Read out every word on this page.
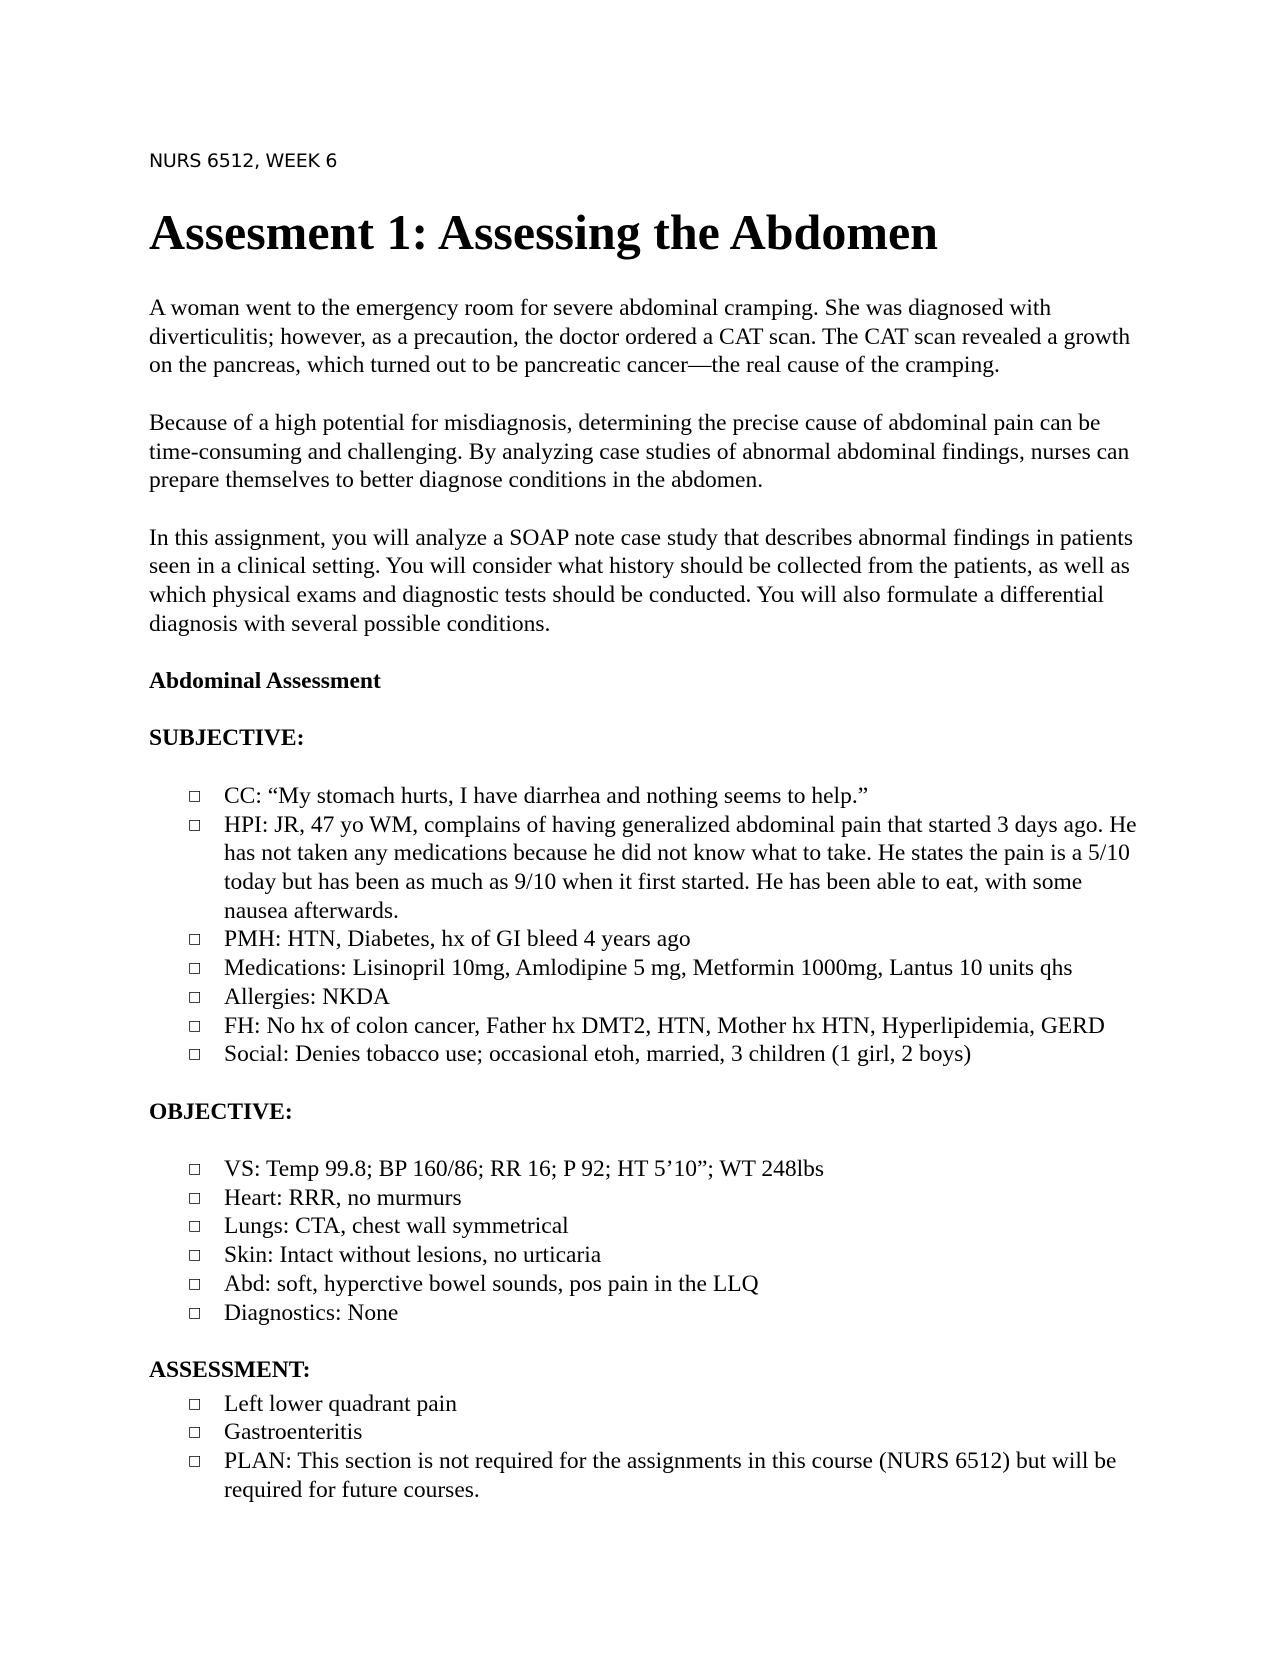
NURS 6512, WEEK 6
Assesment 1: Assessing the Abdomen

A woman went to the emergency room for severe abdominal cramping. She was diagnosed with diverticulitis; however, as a precaution, the doctor ordered a CAT scan. The CAT scan revealed a growth on the pancreas, which turned out to be pancreatic cancer—the real cause of the cramping.

Because of a high potential for misdiagnosis, determining the precise cause of abdominal pain can be time-consuming and challenging. By analyzing case studies of abnormal abdominal findings, nurses can prepare themselves to better diagnose conditions in the abdomen.

In this assignment, you will analyze a SOAP note case study that describes abnormal findings in patients seen in a clinical setting. You will consider what history should be collected from the patients, as well as which physical exams and diagnostic tests should be conducted. You will also formulate a differential diagnosis with several possible conditions.

Abdominal Assessment
SUBJECTIVE:
□ CC: “My stomach hurts, I have diarrhea and nothing seems to help.”
□ HPI: JR, 47 yo WM, complains of having generalized abdominal pain that started 3 days ago. He has not taken any medications because he did not know what to take. He states the pain is a 5/10 today but has been as much as 9/10 when it first started. He has been able to eat, with some nausea afterwards.
□ PMH: HTN, Diabetes, hx of GI bleed 4 years ago
□ Medications: Lisinopril 10mg, Amlodipine 5 mg, Metformin 1000mg, Lantus 10 units qhs
□ Allergies: NKDA
□ FH: No hx of colon cancer, Father hx DMT2, HTN, Mother hx HTN, Hyperlipidemia, GERD
□ Social: Denies tobacco use; occasional etoh, married, 3 children (1 girl, 2 boys)
OBJECTIVE:
□ VS: Temp 99.8; BP 160/86; RR 16; P 92; HT 5’10”; WT 248lbs
□ Heart: RRR, no murmurs
□ Lungs: CTA, chest wall symmetrical
□ Skin: Intact without lesions, no urticaria
□ Abd: soft, hyperctive bowel sounds, pos pain in the LLQ
□ Diagnostics: None
ASSESSMENT:
□ Left lower quadrant pain
□ Gastroenteritis
□ PLAN: This section is not required for the assignments in this course (NURS 6512) but will be required for future courses.
